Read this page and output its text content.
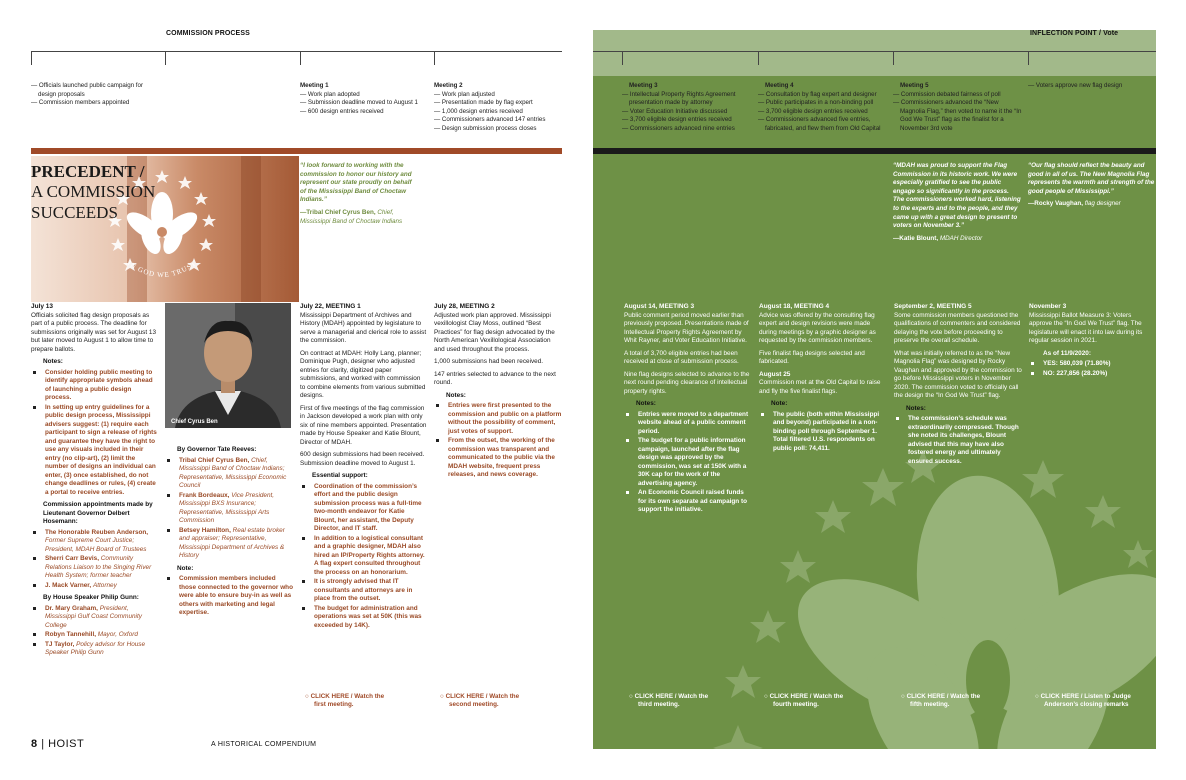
COMMISSION PROCESS	INFLECTION POINT / Vote
— Officials launched public campaign for design proposals
— Commission members appointed
Meeting 1
— Work plan adopted
— Submission deadline moved to August 1
— 600 design entries received
Meeting 2
— Work plan adjusted
— Presentation made by flag expert
— 1,000 design entries received
— Commissioners advanced 147 entries
— Design submission process closes
Meeting 3
— Intellectual Property Rights Agreement presentation made by attorney
— Voter Education Initiative discussed
— 3,700 eligible design entries received
— Commissioners advanced nine entries
Meeting 4
— Consultation by flag expert and designer
— Public participates in a non-binding poll
— 3,700 eligible design entries received
— Commissioners advanced five entries, fabricated, and flew them from Old Capital
Meeting 5
— Commission debated fairness of poll
— Commissioners advanced the “New Magnolia Flag,” then voted to name it the “In God We Trust” flag as the finalist for a November 3rd vote
— Voters approve new flag design
IN GOD WE TRUST
PRECEDENT /
A COMMISSION
SUCCEEDS
“I look forward to working with the commission to honor our history and represent our state proudly on behalf of the Mississippi Band of Choctaw Indians.”
—Tribal Chief Cyrus Ben, Chief, Mississippi Band of Choctaw Indians
“MDAH was proud to support the Flag Commission in its historic work. We were especially gratified to see the public engage so significantly in the process. The commissioners worked hard, listening to the experts and to the people, and they came up with a great design to present to voters on November 3.”
—Katie Blount, MDAH Director
“Our flag should reflect the beauty and good in all of us. The New Magnolia Flag represents the warmth and strength of the good people of Mississippi.”
—Rocky Vaughan, flag designer
Chief Cyrus Ben
July 13

Officials solicited flag design proposals as part of a public process. The deadline for submissions originally was set for August 13 but later moved to August 1 to allow time to prepare ballots.

Notes:
Consider holding public meeting to identify appropriate symbols ahead of launching a public design process.
In setting up entry guidelines for a public design process, Mississippi advisers suggest: (1) require each participant to sign a release of rights and guarantee they have the right to use any visuals included in their entry (no clip-art), (2) limit the number of designs an individual can enter, (3) once established, do not change deadlines or rules, (4) create a portal to receive entries.
Commission appointments made by Lieutenant Governor Delbert Hosemann:
The Honorable Reuben Anderson, Former Supreme Court Justice; President, MDAH Board of Trustees
Sherri Carr Bevis, Community Relations Liaison to the Singing River Health System; former teacher
J. Mack Varner, Attorney
By House Speaker Philip Gunn:
Dr. Mary Graham, President, Mississippi Gulf Coast Community College
Robyn Tannehill, Mayor, Oxford
TJ Taylor, Policy advisor for House Speaker Philip Gunn
By Governor Tate Reeves:
Tribal Chief Cyrus Ben, Chief, Mississippi Band of Choctaw Indians; Representative, Mississippi Economic Council
Frank Bordeaux, Vice President, Mississippi BXS Insurance; Representative, Mississippi Arts Commission
Betsey Hamilton, Real estate broker and appraiser; Representative, Mississippi Department of Archives & History
Note:
Commission members included those connected to the governor who were able to ensure buy-in as well as others with marketing and legal expertise.
July 22, MEETING 1

Mississippi Department of Archives and History (MDAH) appointed by legislature to serve a managerial and clerical role to assist the commission.

On contract at MDAH: Holly Lang, planner; Dominique Pugh, designer who adjusted entries for clarity, digitized paper submissions, and worked with commission to combine elements from various submitted designs.

First of five meetings of the flag commission in Jackson developed a work plan with only six of nine members appointed. Presentation made by House Speaker and Katie Blount, Director of MDAH.

600 design submissions had been received. Submission deadline moved to August 1.

Essential support:
Coordination of the commission’s effort and the public design submission process was a full-time two-month endeavor for Katie Blount, her assistant, the Deputy Director, and IT staff.
In addition to a logistical consultant and a graphic designer, MDAH also hired an IP/Property Rights attorney. A flag expert consulted throughout the process on an honorarium.
It is strongly advised that IT consultants and attorneys are in place from the outset.
The budget for administration and operations was set at 50K (this was exceeded by 14K).
○ CLICK HERE / Watch the
first meeting.
July 28, MEETING 2

Adjusted work plan approved. Mississippi vexillologist Clay Moss, outlined “Best Practices” for flag design advocated by the North American Vexillological Association and used throughout the process.

1,000 submissions had been received.

147 entries selected to advance to the next round.

Notes:
Entries were first presented to the commission and public on a platform without the possibility of comment, just votes of support.
From the outset, the working of the commission was transparent and communicated to the public via the MDAH website, frequent press releases, and news coverage.
○ CLICK HERE / Watch the
second meeting.
August 14, MEETING 3

Public comment period moved earlier than previously proposed. Presentations made of Intellectual Property Rights Agreement by Whit Rayner, and Voter Education Initiative.

A total of 3,700 eligible entries had been received at close of submission process.

Nine flag designs selected to advance to the next round pending clearance of intellectual property rights.

Notes:
Entries were moved to a department website ahead of a public comment period.
The budget for a public information campaign, launched after the flag design was approved by the commission, was set at 150K with a 30K cap for the work of the advertising agency.
An Economic Council raised funds for its own separate ad campaign to support the initiative.
○ CLICK HERE / Watch the
third meeting.
August 18, MEETING 4

Advice was offered by the consulting flag expert and design revisions were made during meetings by a graphic designer as requested by the commission members.

Five finalist flag designs selected and fabricated.

August 25

Commission met at the Old Capital to raise and fly the five finalist flags.

Note:
The public (both within Mississippi and beyond) participated in a non-binding poll through September 1. Total filtered U.S. respondents on public poll: 74,411.
○ CLICK HERE / Watch the
fourth meeting.
September 2, MEETING 5

Some commission members questioned the qualifications of commenters and considered delaying the vote before proceeding to preserve the overall schedule.

What was initially referred to as the “New Magnolia Flag” was designed by Rocky Vaughan and approved by the commission to go before Mississippi voters in November 2020. The commission voted to officially call the design the “In God We Trust” flag.

Notes:
The commission’s schedule was extraordinarily compressed. Though she noted its challenges, Blount advised that this may have also fostered energy and ultimately ensured success.
○ CLICK HERE / Watch the
fifth meeting.
November 3

Mississippi Ballot Measure 3: Voters approve the “In God We Trust” flag. The legislature will enact it into law during its regular session in 2021.

As of 11/9/2020:
YES: 580,039 (71.80%)
NO: 227,856 (28.20%)
○ CLICK HERE / Listen to Judge
Anderson’s closing remarks
8 | HOIST	A HISTORICAL COMPENDIUM
